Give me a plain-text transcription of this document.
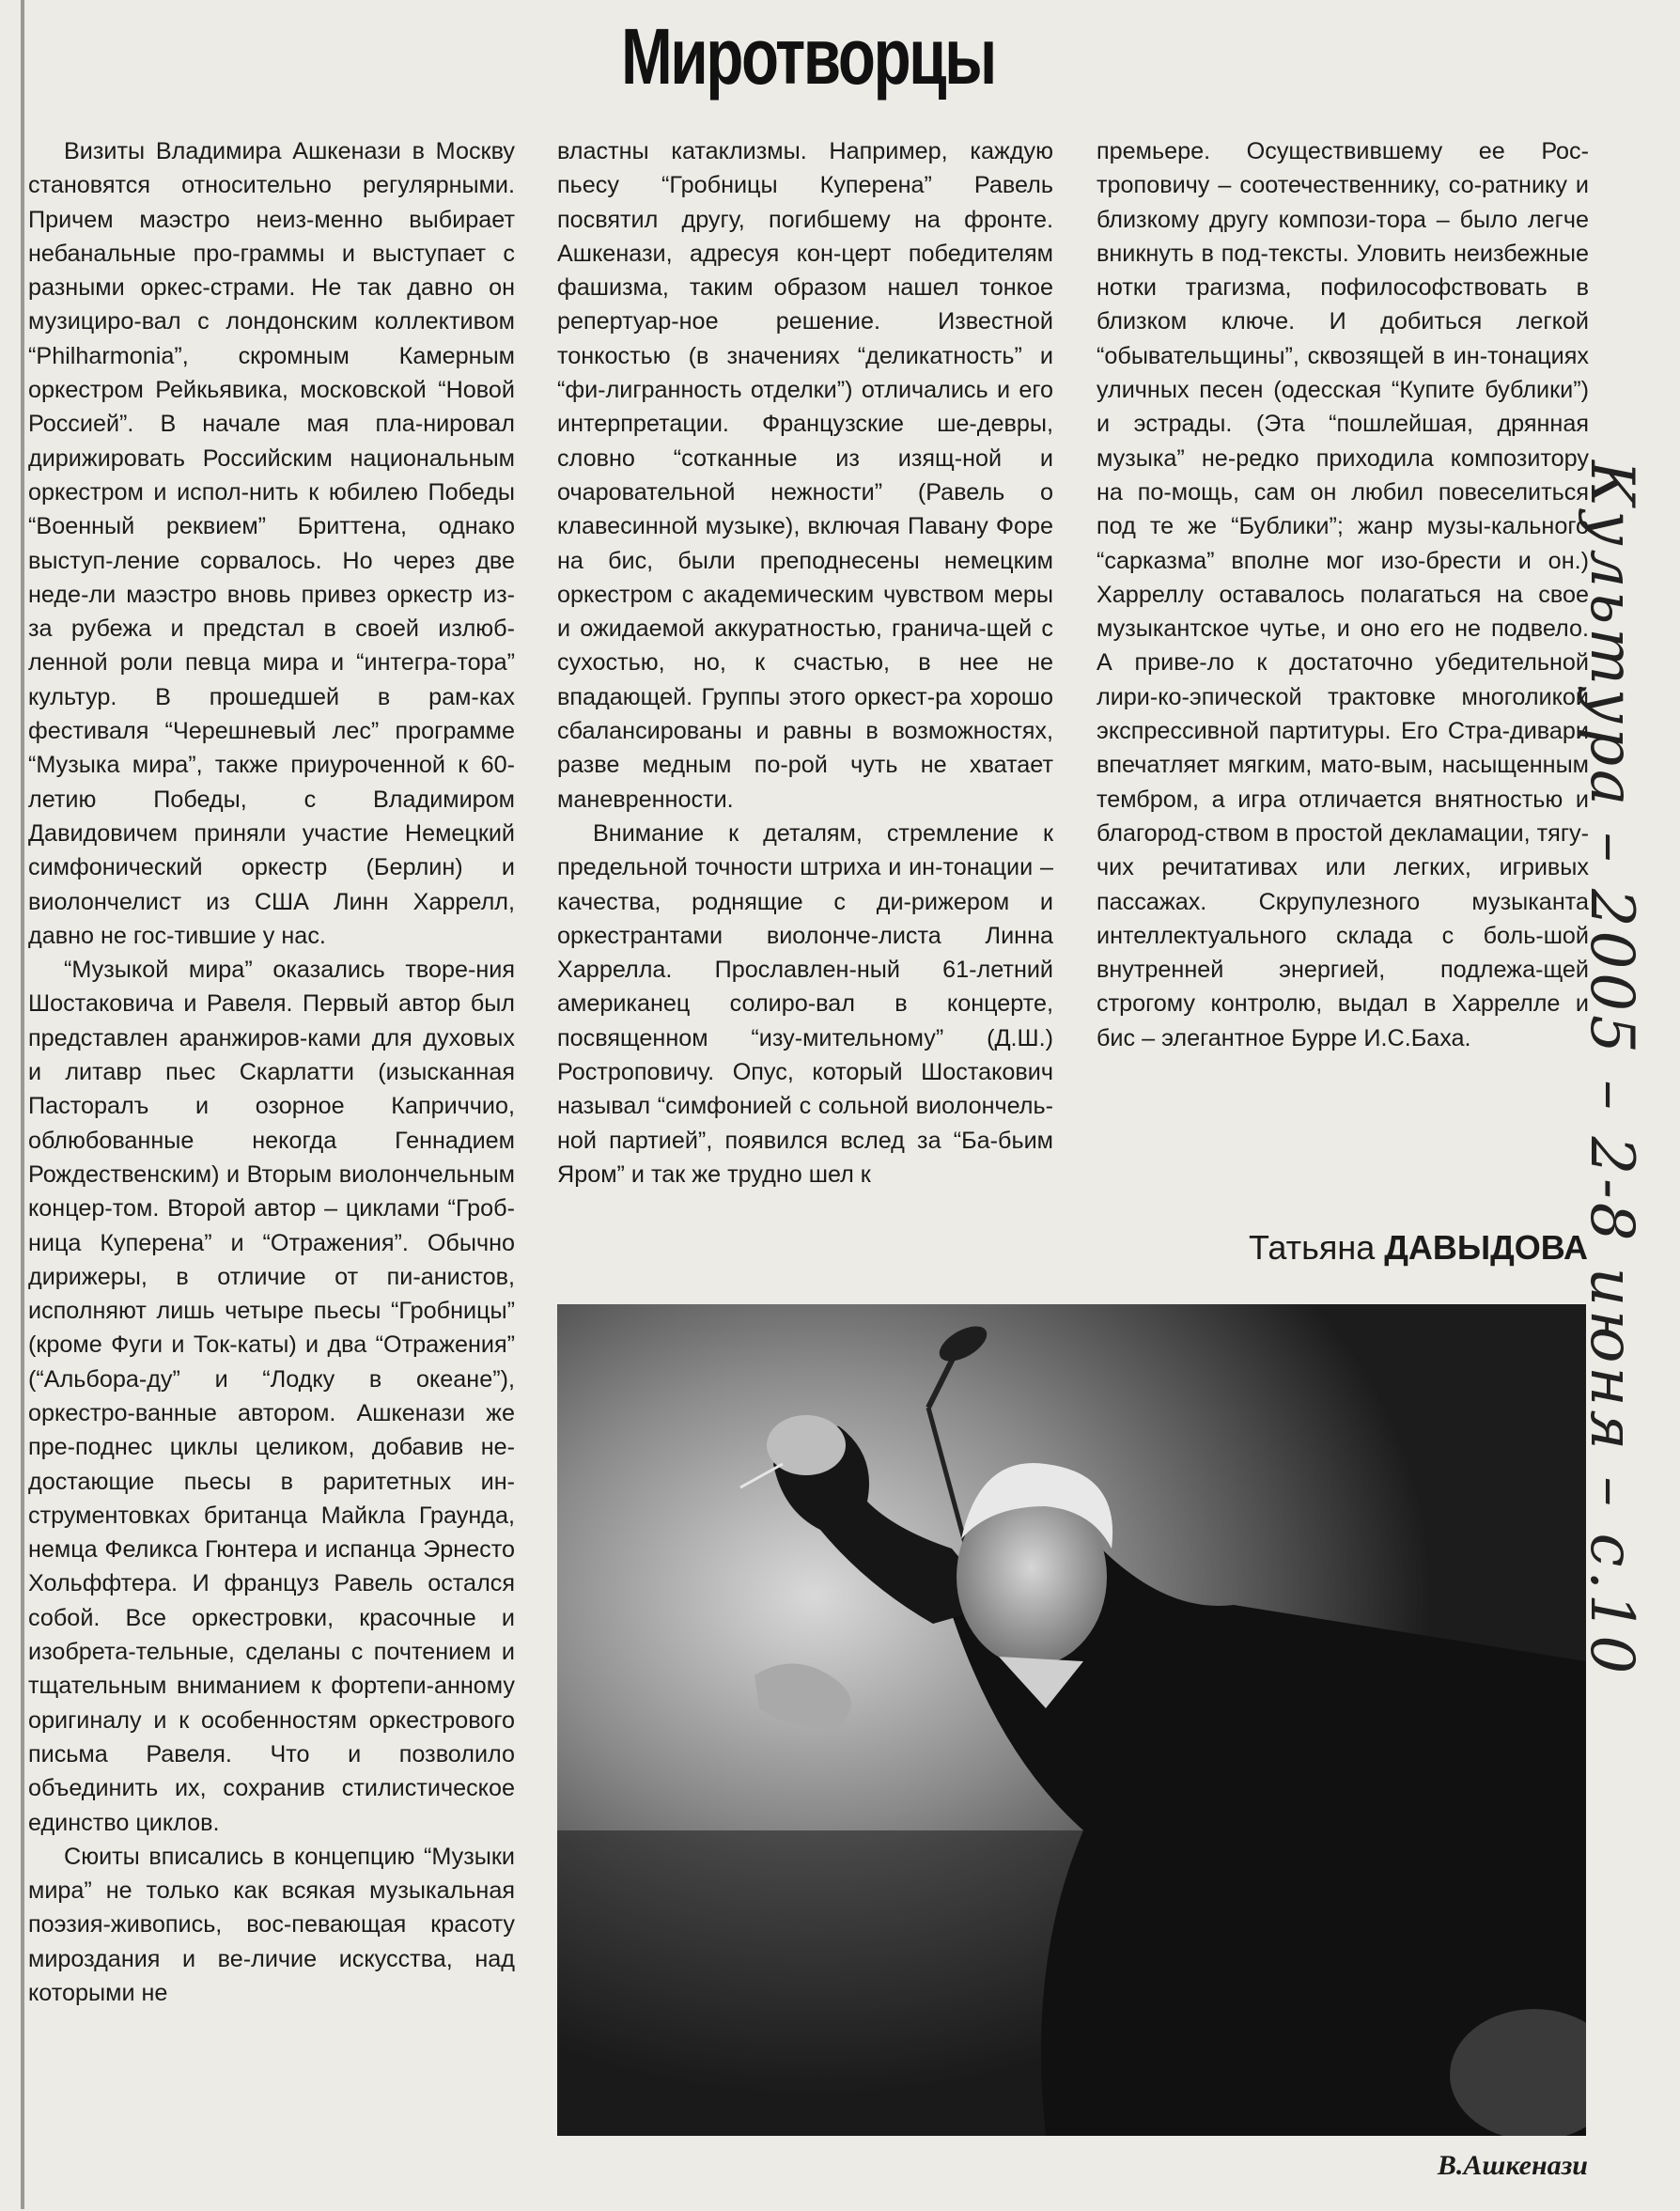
Миротворцы

Визиты Владимира Ашкенази в Москву становятся относительно регулярными. Причем маэстро неиз-менно выбирает небанальные про-граммы и выступает с разными оркес-страми. Не так давно он музициро-вал с лондонским коллективом “Philharmonia”, скромным Камерным оркестром Рейкьявика, московской “Новой Россией”. В начале мая пла-нировал дирижировать Российским национальным оркестром и испол-нить к юбилею Победы “Военный реквием” Бриттена, однако выступ-ление сорвалось. Но через две неде-ли маэстро вновь привез оркестр из-за рубежа и предстал в своей излюб-ленной роли певца мира и “интегра-тора” культур. В прошедшей в рам-ках фестиваля “Черешневый лес” программе “Музыка мира”, также приуроченной к 60-летию Победы, с Владимиром Давидовичем приняли участие Немецкий симфонический оркестр (Берлин) и виолончелист из США Линн Харрелл, давно не гос-тившие у нас.

“Музыкой мира” оказались творе-ния Шостаковича и Равеля. Первый автор был представлен аранжиров-ками для духовых и литавр пьес Скарлатти (изысканная Пасторалъ и озорное Каприччио, облюбованные некогда Геннадием Рождественским) и Вторым виолончельным концер-том. Второй автор – циклами “Гроб-ница Куперена” и “Отражения”. Обычно дирижеры, в отличие от пи-анистов, исполняют лишь четыре пьесы “Гробницы” (кроме Фуги и Ток-каты) и два “Отражения” (“Альборa-ду” и “Лодку в океане”), оркестро-ванные автором. Ашкенази же пре-поднес циклы целиком, добавив не-достающие пьесы в раритетных ин-струментовках британца Майкла Граунда, немца Феликса Гюнтера и испанца Эрнесто Хольффтера. И француз Равель остался собой. Все оркестровки, красочные и изобрета-тельные, сделаны с почтением и тщательным вниманием к фортепи-анному оригиналу и к особенностям оркестрового письма Равеля. Что и позволило объединить их, сохранив стилистическое единство циклов.

Сюиты вписались в концепцию “Музыки мира” не только как всякая музыкальная поэзия-живопись, вос-певающая красоту мироздания и ве-личие искусства, над которыми не

властны катаклизмы. Например, каждую пьесу “Гробницы Куперена” Равель посвятил другу, погибшему на фронте. Ашкенази, адресуя кон-церт победителям фашизма, таким образом нашел тонкое репертуар-ное решение. Известной тонкостью (в значениях “деликатность” и “фи-лигранность отделки”) отличались и его интерпретации. Французские ше-девры, словно “сотканные из изящ-ной и очаровательной нежности” (Равель о клавесинной музыке), включая Павану Форе на бис, были преподнесены немецким оркестром с академическим чувством меры и ожидаемой аккуратностью, гранича-щей с сухостью, но, к счастью, в нее не впадающей. Группы этого оркест-ра хорошо сбалансированы и равны в возможностях, разве медным по-рой чуть не хватает маневренности.

Внимание к деталям, стремление к предельной точности штриха и ин-тонации – качества, роднящие с ди-рижером и оркестрантами виолонче-листа Линна Харрелла. Прославлен-ный 61-летний американец солиро-вал в концерте, посвященном “изу-мительному” (Д.Ш.) Ростроповичу. Опус, который Шостакович называл “симфонией с сольной виолончель-ной партией”, появился вслед за “Ба-бьим Яром” и так же трудно шел к

премьере. Осуществившему ее Рос-троповичу – соотечественнику, со-ратнику и близкому другу компози-тора – было легче вникнуть в под-тексты. Уловить неизбежные нотки трагизма, пофилософствовать в близком ключе. И добиться легкой “обывательщины”, сквозящей в ин-тонациях уличных песен (одесская “Купите бублики”) и эстрады. (Эта “пошлейшая, дрянная музыка” не-редко приходила композитору на по-мощь, сам он любил повеселиться под те же “Бублики”; жанр музы-кального “сарказма” вполне мог изо-брести и он.) Харреллу оставалось полагаться на свое музыкантское чутье, и оно его не подвело. А приве-ло к достаточно убедительной лири-ко-эпической трактовке многоликой экспрессивной партитуры. Его Стра-дивари впечатляет мягким, мато-вым, насыщенным тембром, а игра отличается внятностью и благород-ством в простой декламации, тягу-чих речитативах или легких, игривых пассажах. Скрупулезного музыканта интеллектуального склада с боль-шой внутренней энергией, подлежа-щей строгому контролю, выдал в Харрелле и бис – элегантное Бурре И.С.Баха.

Татьяна ДАВЫДОВА
В.Ашкенази
Культура – 2005 – 2-8 июня – с.10
